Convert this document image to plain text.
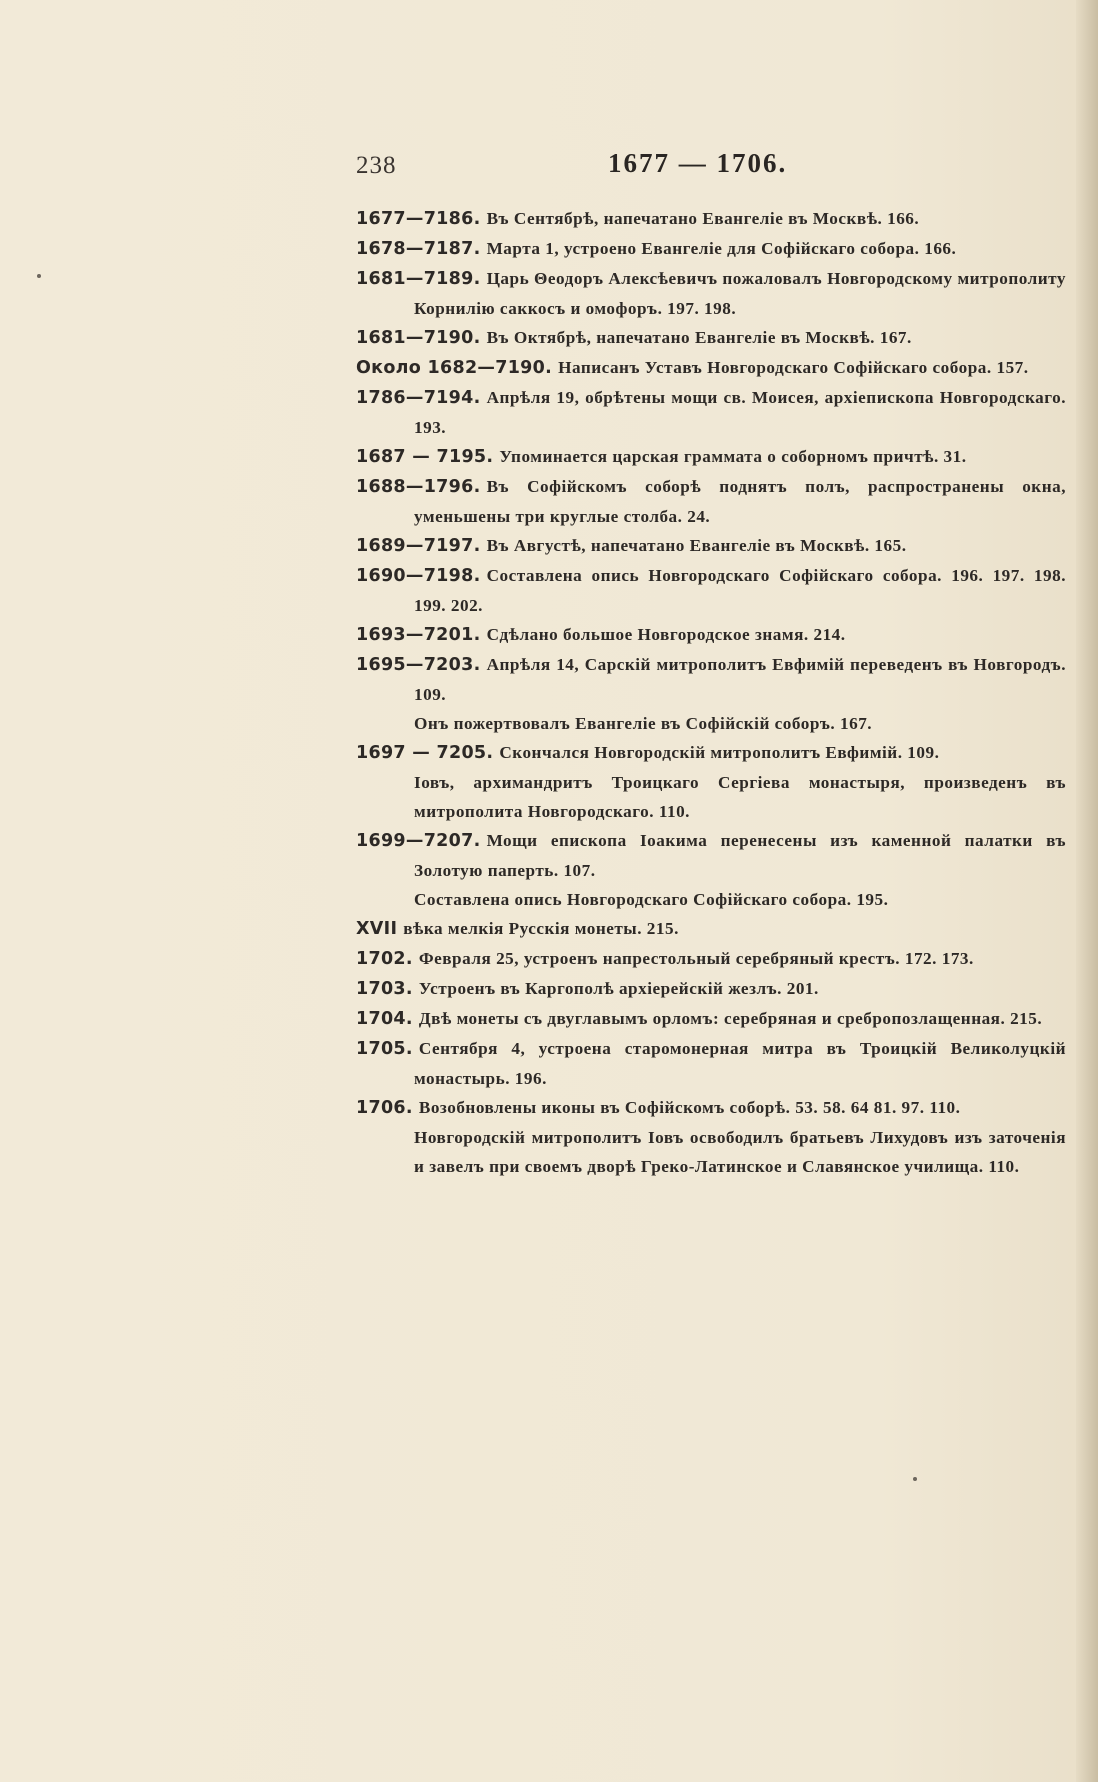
238	1677 — 1706.

1677—7186. Въ Сентябрѣ, напечатано Евангеліе въ Москвѣ. 166.

1678—7187. Марта 1, устроено Евангеліе для Софійскаго собора. 166.

1681—7189. Царь Θеодоръ Алексѣевичъ пожаловалъ Новгородскому митрополиту Корнилію саккосъ и омофоръ. 197. 198.

1681—7190. Въ Октябрѣ, напечатано Евангеліе въ Москвѣ. 167.

Около 1682—7190. Написанъ Уставъ Новгородскаго Софійскаго собора. 157.

1786—7194. Апрѣля 19, обрѣтены мощи св. Моисея, архіепископа Новгородскаго. 193.

1687 — 7195. Упоминается царская граммата о соборномъ причтѣ. 31.

1688—1796. Въ Софійскомъ соборѣ поднятъ полъ, распространены окна, уменьшены три круглые столба. 24.

1689—7197. Въ Августѣ, напечатано Евангеліе въ Москвѣ. 165.

1690—7198. Составлена опись Новгородскаго Софійскаго собора. 196. 197. 198. 199. 202.

1693—7201. Сдѣлано большое Новгородское знамя. 214.

1695—7203. Апрѣля 14, Сарскій митрополитъ Евфимій переведенъ въ Новгородъ. 109.

Онъ пожертвовалъ Евангеліе въ Софійскій соборъ. 167.

1697 — 7205. Скончался Новгородскій митрополитъ Евфимій. 109.

Іовъ, архимандритъ Троицкаго Сергіева монастыря, произведенъ въ митрополита Новгородскаго. 110.

1699—7207. Мощи епископа Іоакима перенесены изъ каменной палатки въ Золотую паперть. 107.

Составлена опись Новгородскаго Софійскаго собора. 195.

XVII вѣка мелкія Русскія монеты. 215.

1702. Февраля 25, устроенъ напрестольный серебряный крестъ. 172. 173.

1703. Устроенъ въ Каргополѣ архіерейскій жезлъ. 201.

1704. Двѣ монеты съ двуглавымъ орломъ: серебряная и сребропозлащенная. 215.

1705. Сентября 4, устроена старомонерная митра въ Троицкій Великолуцкій монастырь. 196.

1706. Возобновлены иконы въ Софійскомъ соборѣ. 53. 58. 64 81. 97. 110.

Новгородскій митрополитъ Іовъ освободилъ братьевъ Лихудовъ изъ заточенія и завелъ при своемъ дворѣ Греко-Латинское и Славянское училища. 110.
